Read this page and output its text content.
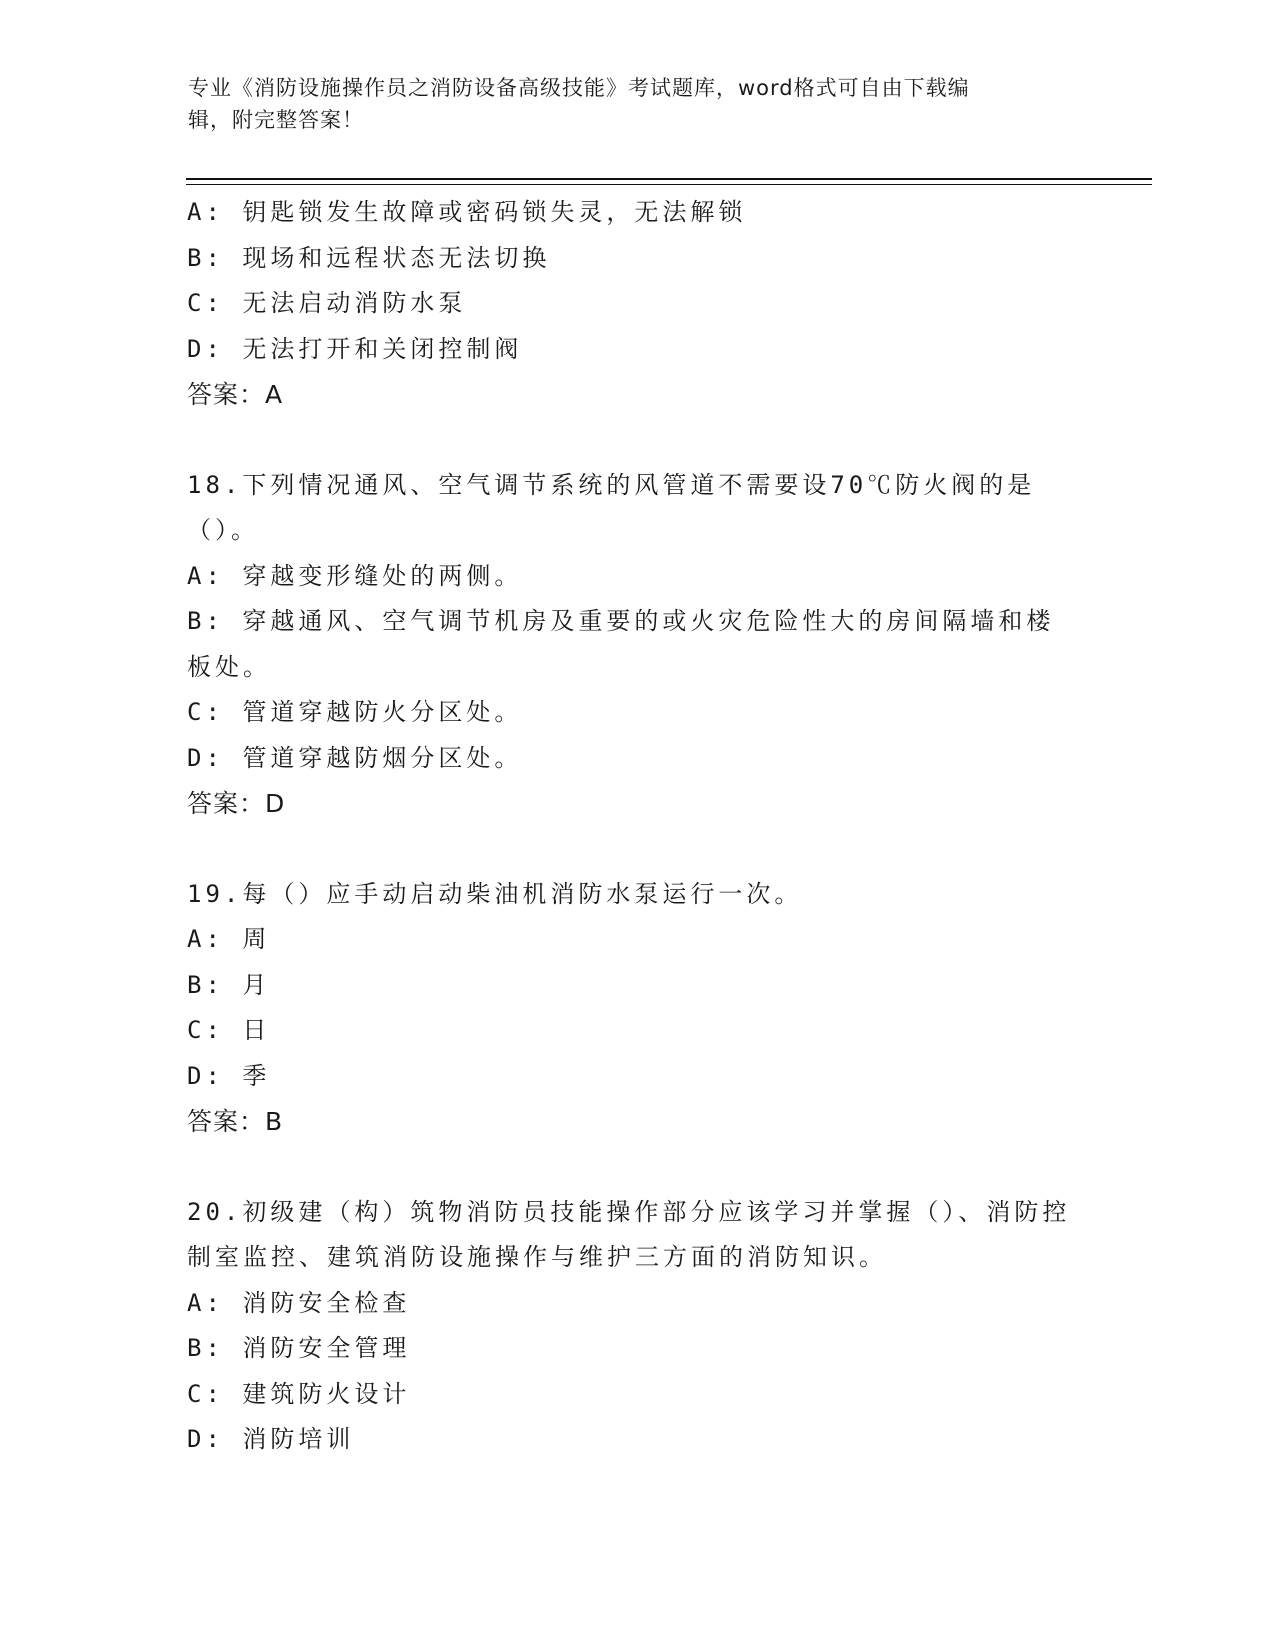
专业《消防设施操作员之消防设备高级技能》考试题库，word格式可自由下载编
辑，附完整答案！

A: 钥匙锁发生故障或密码锁失灵，无法解锁

B: 现场和远程状态无法切换

C: 无法启动消防水泵

D: 无法打开和关闭控制阀

答案：A

18.下列情况通风、空气调节系统的风管道不需要设70℃防火阀的是（）。

A: 穿越变形缝处的两侧。

B: 穿越通风、空气调节机房及重要的或火灾危险性大的房间隔墙和楼板处。

C: 管道穿越防火分区处。

D: 管道穿越防烟分区处。

答案：D

19.每（）应手动启动柴油机消防水泵运行一次。

A: 周

B: 月

C: 日

D: 季

答案：B

20.初级建（构）筑物消防员技能操作部分应该学习并掌握（）、消防控制室监控、建筑消防设施操作与维护三方面的消防知识。

A: 消防安全检查

B: 消防安全管理

C: 建筑防火设计

D: 消防培训
